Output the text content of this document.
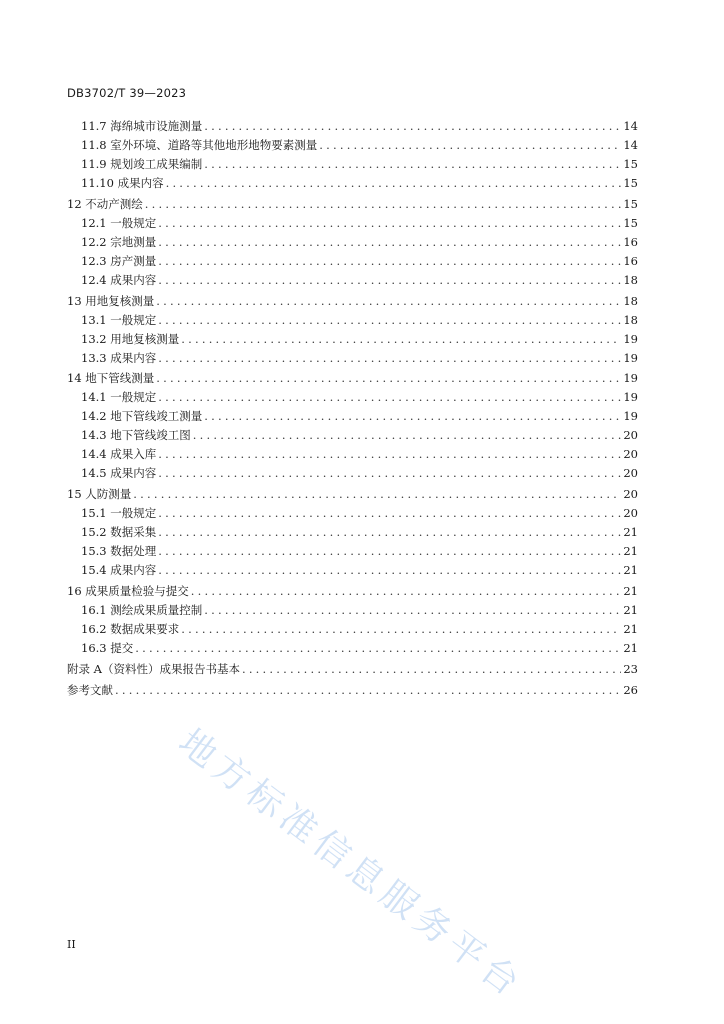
DB3702/T 39—2023
11.7 海绵城市设施测量 .....	14
11.8 室外环境、道路等其他地形地物要素测量 .....	14
11.9 规划竣工成果编制 .....	15
11.10 成果内容 .....	15
12 不动产测绘 .....	15
12.1 一般规定 .....	15
12.2 宗地测量 .....	16
12.3 房产测量 .....	16
12.4 成果内容 .....	18
13 用地复核测量 .....	18
13.1 一般规定 .....	18
13.2 用地复核测量 .....	19
13.3 成果内容 .....	19
14 地下管线测量 .....	19
14.1 一般规定 .....	19
14.2 地下管线竣工测量 .....	19
14.3 地下管线竣工图 .....	20
14.4 成果入库 .....	20
14.5 成果内容 .....	20
15 人防测量 .....	20
15.1 一般规定 .....	20
15.2 数据采集 .....	21
15.3 数据处理 .....	21
15.4 成果内容 .....	21
16 成果质量检验与提交 .....	21
16.1 测绘成果质量控制 .....	21
16.2 数据成果要求 .....	21
16.3 提交 .....	21
附录 A（资料性）成果报告书基本 .....	23
参考文献 .....	26
II	地方标准信息服务平台
